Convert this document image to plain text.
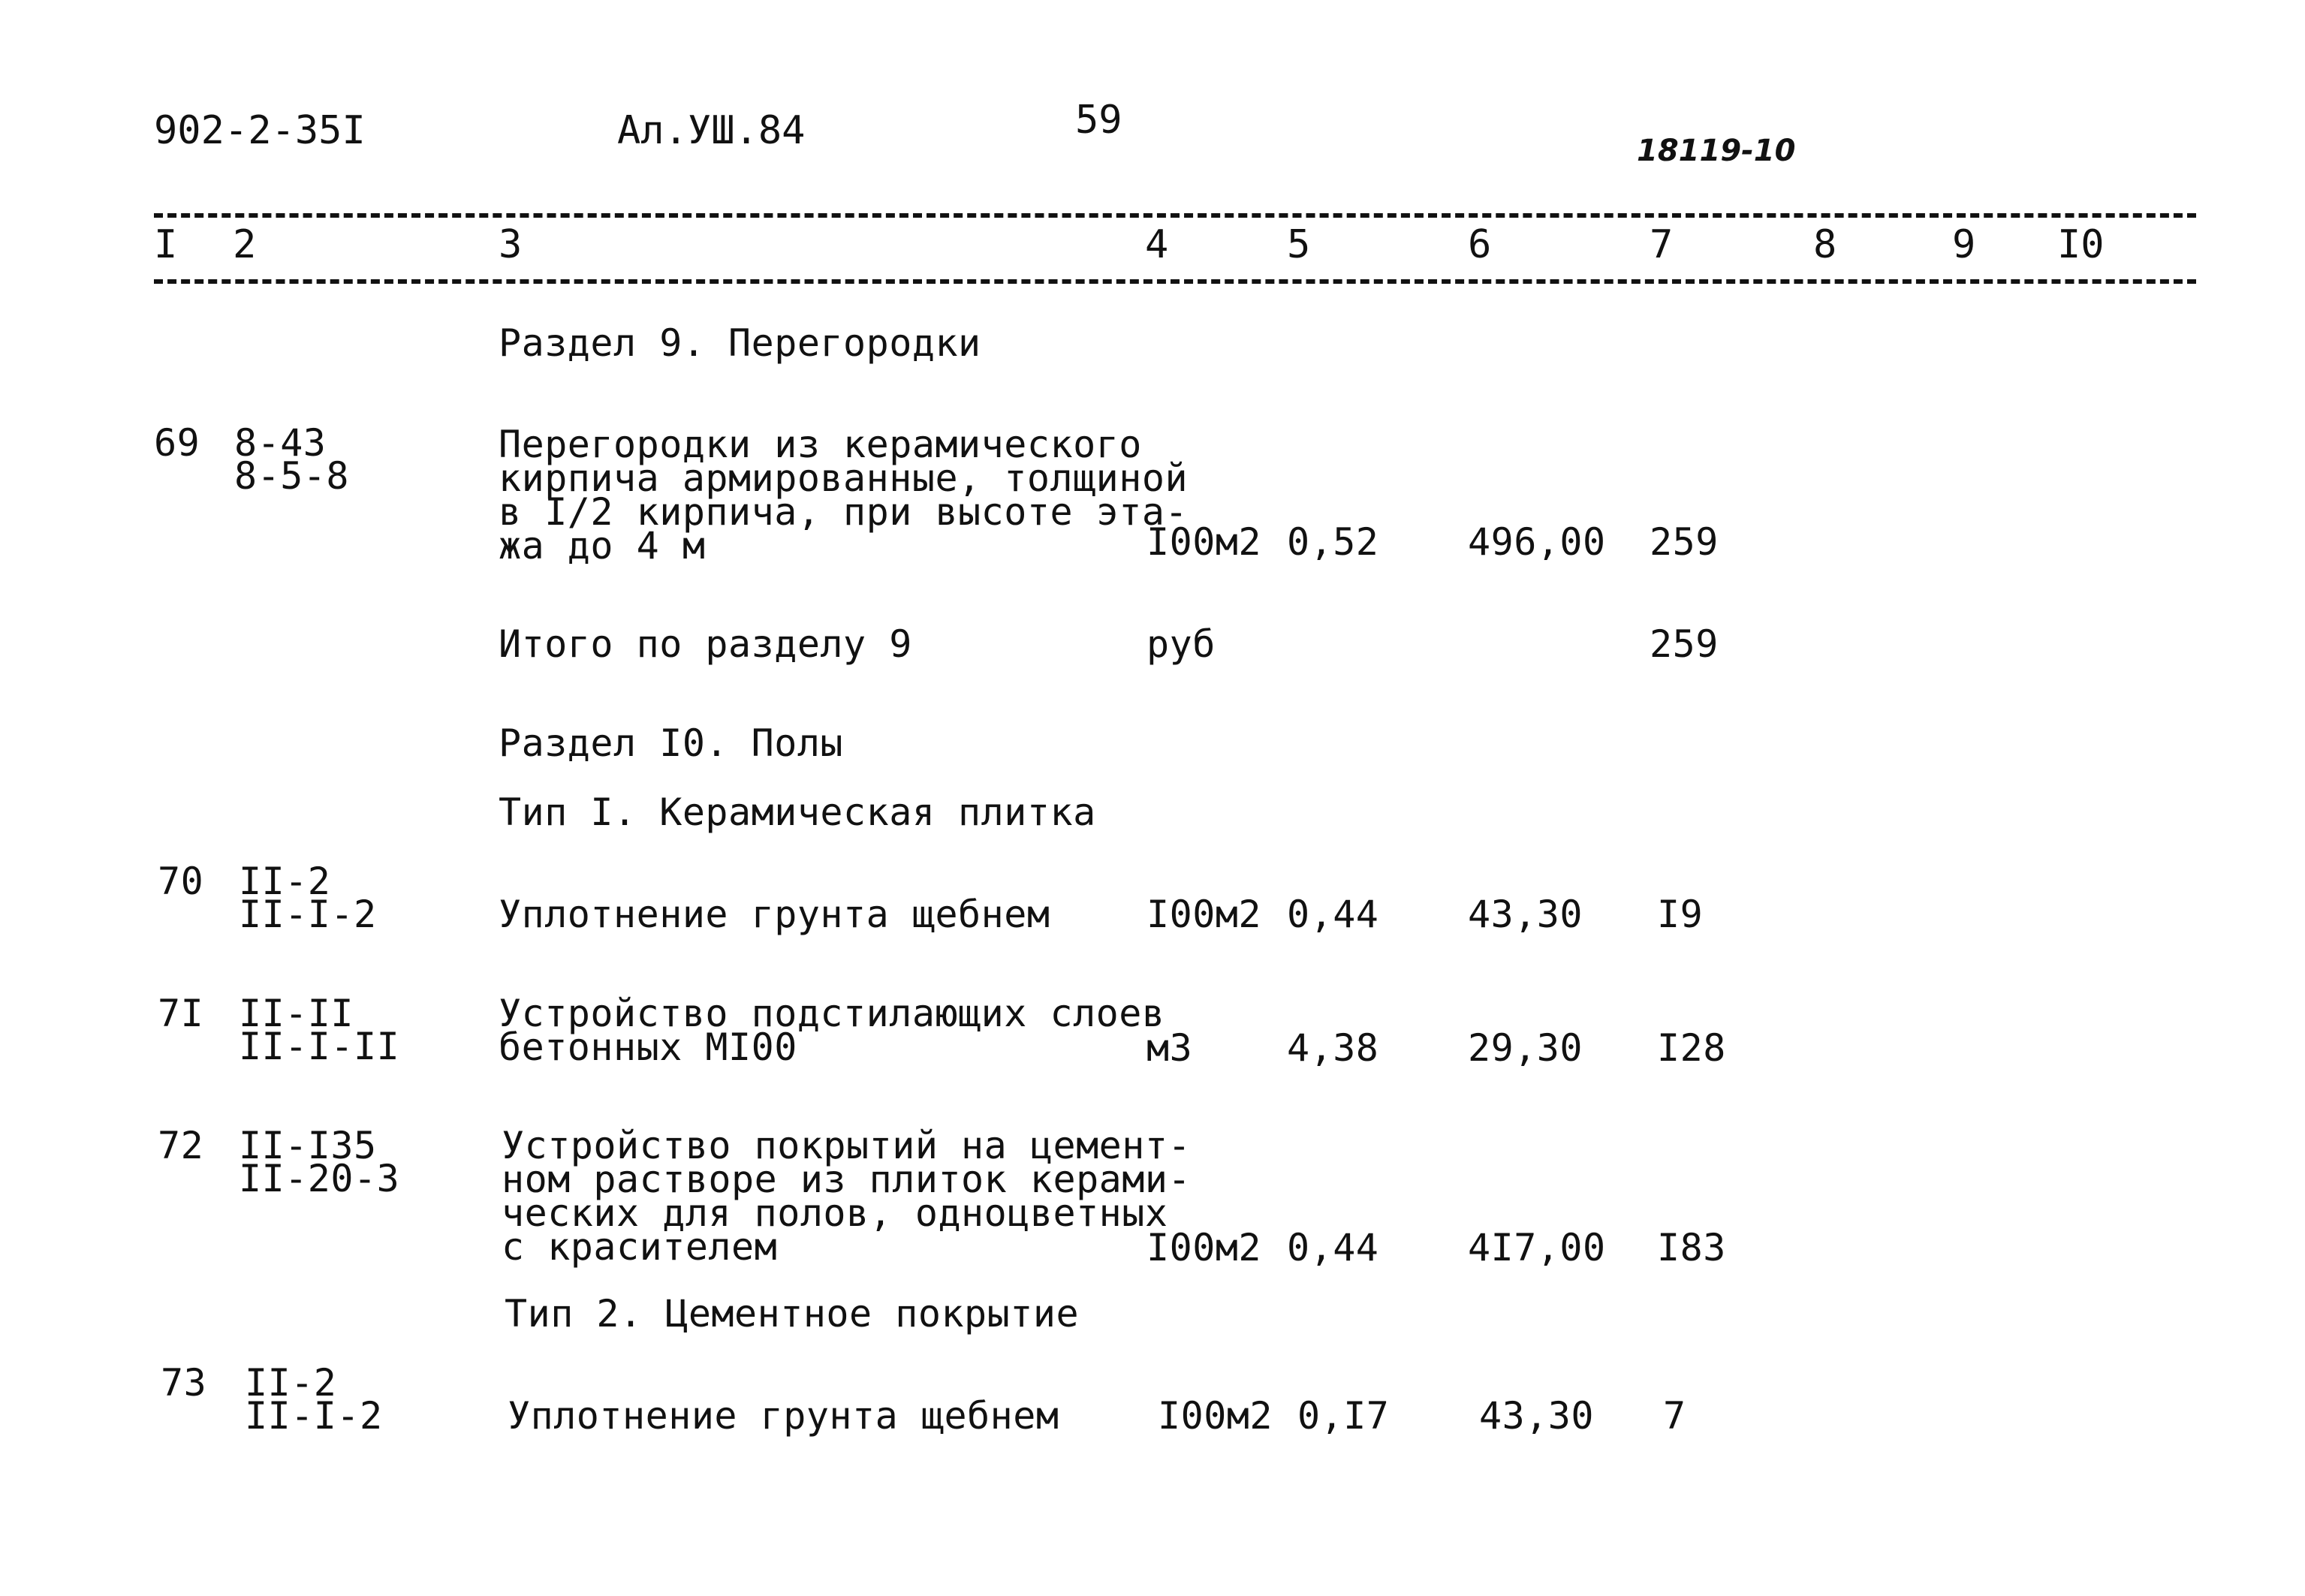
902-2-35I	Ал.УШ.84	59
18119-10
I 2	3	4	5	6	7	8	9 I0
Раздел 9. Перегородки
69 8-43
8-5-8
Перегородки из керамического
кирпича армированные, толщиной
в I/2 кирпича, при высоте эта-
жа до 4 м	I00м2 0,52 496,00 259
Итого по разделу 9	руб	259
Раздел I0. Полы
Тип I. Керамическая плитка
70 II-2
II-I-2	Уплотнение грунта щебнем	I00м2 0,44 43,30 I9
7I II-II
II-I-II
Устройство подстилающих слоев
бетонных МI00	м3	4,38 29,30 I28
72 II-I35
II-20-3
Устройство покрытий на цемент-
ном растворе из плиток керами-
ческих для полов, одноцветных
с красителем	I00м2 0,44 4I7,00 I83
Тип 2. Цементное покрытие
73 II-2
II-I-2	Уплотнение грунта щебнем	I00м2 0,I7 43,30 7
